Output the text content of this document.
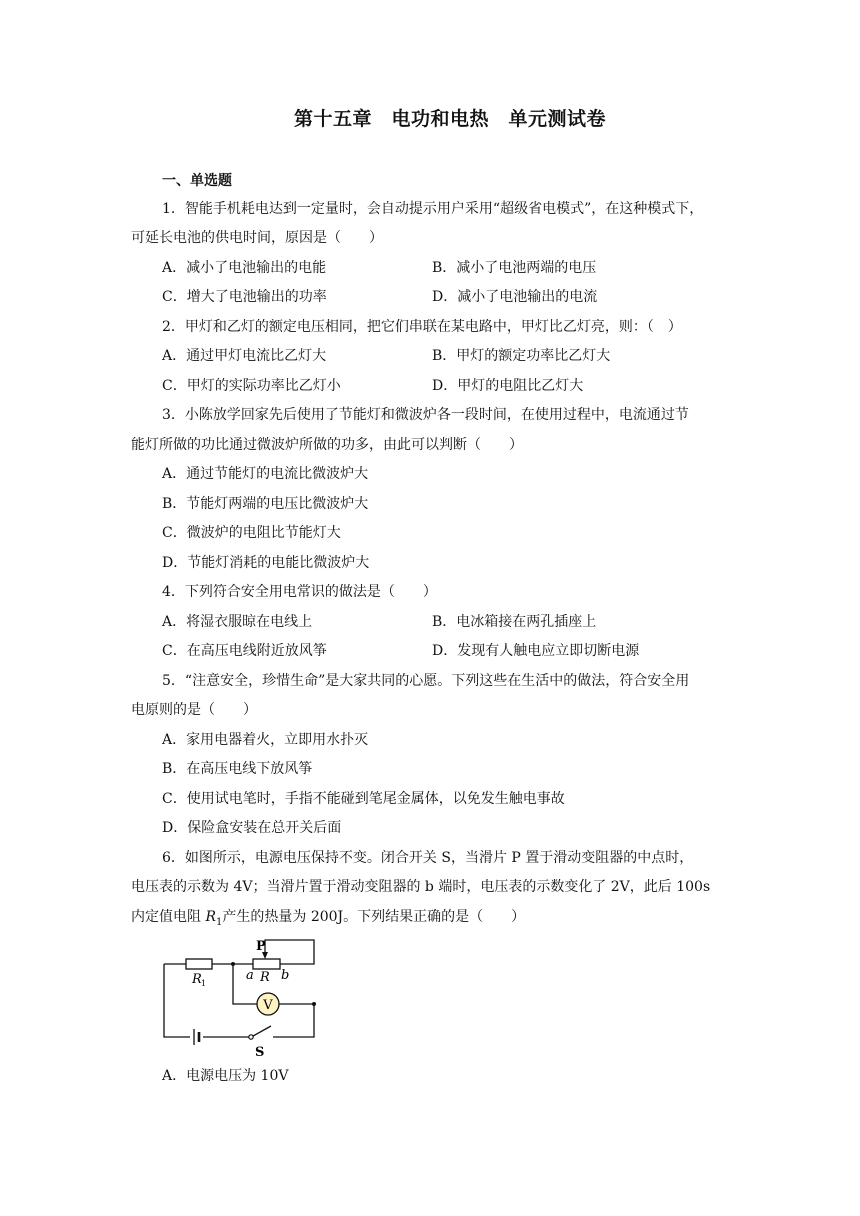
第十五章　电功和电热　单元测试卷
一、单选题
1．智能手机耗电达到一定量时，会自动提示用户采用“超级省电模式”，在这种模式下，
可延长电池的供电时间，原因是（　　）
A．减小了电池输出的电能	B．减小了电池两端的电压
C．增大了电池输出的功率	D．减小了电池输出的电流
2．甲灯和乙灯的额定电压相同，把它们串联在某电路中，甲灯比乙灯亮，则：（　）
A．通过甲灯电流比乙灯大	B．甲灯的额定功率比乙灯大
C．甲灯的实际功率比乙灯小	D．甲灯的电阻比乙灯大
3．小陈放学回家先后使用了节能灯和微波炉各一段时间，在使用过程中，电流通过节
能灯所做的功比通过微波炉所做的功多，由此可以判断（　　）
A．通过节能灯的电流比微波炉大
B．节能灯两端的电压比微波炉大
C．微波炉的电阻比节能灯大
D．节能灯消耗的电能比微波炉大
4．下列符合安全用电常识的做法是（　　）
A．将湿衣服晾在电线上	B．电冰箱接在两孔插座上
C．在高压电线附近放风筝	D．发现有人触电应立即切断电源
5．“注意安全，珍惜生命”是大家共同的心愿。下列这些在生活中的做法，符合安全用
电原则的是（　　）
A．家用电器着火，立即用水扑灭
B．在高压电线下放风筝
C．使用试电笔时，手指不能碰到笔尾金属体，以免发生触电事故
D．保险盒安装在总开关后面
6．如图所示，电源电压保持不变。闭合开关 S，当滑片 P 置于滑动变阻器的中点时，
电压表的示数为 4V；当滑片置于滑动变阻器的 b 端时，电压表的示数变化了 2V，此后 100s
内定值电阻 $R_1$产生的热量为 200J。下列结果正确的是（　　）
V
P
R 1
a R b
S
A．电源电压为 10V
